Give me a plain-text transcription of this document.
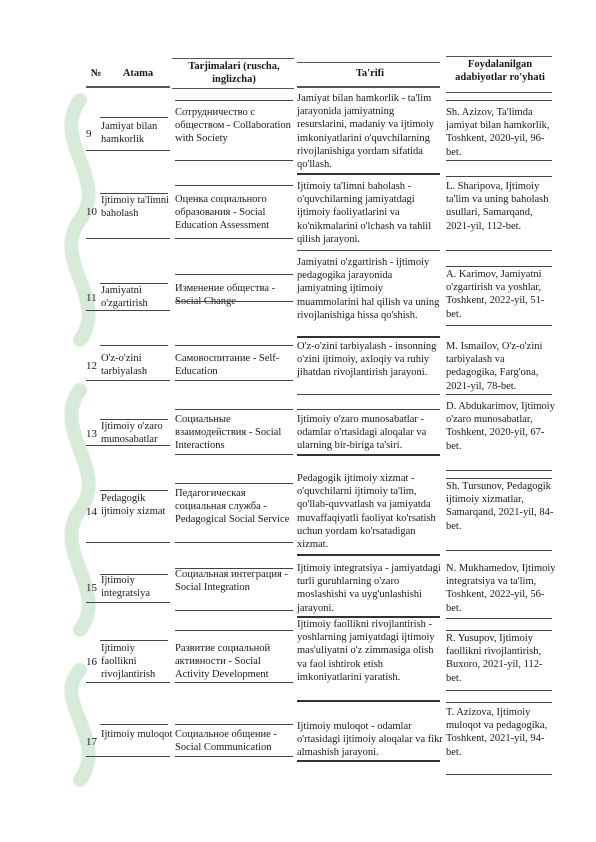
№	Atama
Tarjimalari (ruscha, inglizcha)
Ta'rifi
Foydalanilgan adabiyotlar ro'yhati
9
Jamiyat bilan hamkorlik
Сотрудничество с обществом - Collaboration with Society
Jamiyat bilan hamkorlik - ta'lim jarayonida jamiyatning resurslarini, madaniy va ijtimoiy imkoniyatlarini o'quvchilarning rivojlanishiga yordam sifatida qo'llash.
Sh. Azizov, Ta'limda jamiyat bilan hamkorlik, Toshkent, 2020-yil, 96-bet.
10
Ijtimoiy ta'limni baholash
Оценка социального образования - Social Education Assessment
Ijtimoiy ta'limni baholash - o'quvchilarning jamiyatdagi ijtimoiy faoliyatlarini va ko'nikmalarini o'lchash va tahlil qilish jarayoni.
L. Sharipova, Ijtimoiy ta'lim va uning baholash usullari, Samarqand, 2021-yil, 112-bet.
11
Jamiyatni o'zgartirish
Изменение общества - Social Change
Jamiyatni o'zgartirish - ijtimoiy pedagogika jarayonida jamiyatning ijtimoiy muammolarini hal qilish va uning rivojlanishiga hissa qo'shish.
A. Karimov, Jamiyatni o'zgartirish va yoshlar, Toshkent, 2022-yil, 51-bet.
12
O'z-o'zini tarbiyalash
Самовоспитание - Self-Education
O'z-o'zini tarbiyalash - insonning o'zini ijtimoiy, axloqiy va ruhiy jihatdan rivojlantirish jarayoni.
M. Ismailov, O'z-o'zini tarbiyalash va pedagogika, Farg'ona, 2021-yil, 78-bet.
13
Ijtimoiy o'zaro munosabatlar
Социальные взаимодействия - Social Interactions
Ijtimoiy o'zaro munosabatlar - odamlar o'rtasidagi aloqalar va ularning bir-biriga ta'siri.
D. Abdukarimov, Ijtimoiy o'zaro munosabatlar, Toshkent, 2020-yil, 67-bet.
14
Pedagogik ijtimoiy xizmat
Педагогическая социальная служба - Pedagogical Social Service
Pedagogik ijtimoiy xizmat - o'quvchilarni ijtimoiy ta'lim, qo'llab-quvvatlash va jamiyatda muvaffaqiyatli faoliyat ko'rsatish uchun yordam ko'rsatadigan xizmat.
Sh. Tursunov, Pedagogik ijtimoiy xizmatlar, Samarqand, 2021-yil, 84-bet.
15
Ijtimoiy integratsiya
Социальная интеграция - Social Integration
Ijtimoiy integratsiya - jamiyatdagi turli guruhlarning o'zaro moslashishi va uyg'unlashishi jarayoni.
N. Mukhamedov, Ijtimoiy integratsiya va ta'lim, Toshkent, 2022-yil, 56-bet.
16
Ijtimoiy faollikni rivojlantirish
Развитие социальной активности - Social Activity Development
Ijtimoiy faollikni rivojlantirish - yoshlarning jamiyatdagi ijtimoiy mas'uliyatni o'z zimmasiga olish va faol ishtirok etish imkoniyatlarini yaratish.
R. Yusupov, Ijtimoiy faollikni rivojlantirish, Buxoro, 2021-yil, 112-bet.
17
Ijtimoiy muloqot Социальное общение - Social Communication
Ijtimoiy muloqot - odamlar o'rtasidagi ijtimoiy aloqalar va fikr almashish jarayoni.
T. Azizova, Ijtimoiy muloqot va pedagogika, Toshkent, 2021-yil, 94-bet.
